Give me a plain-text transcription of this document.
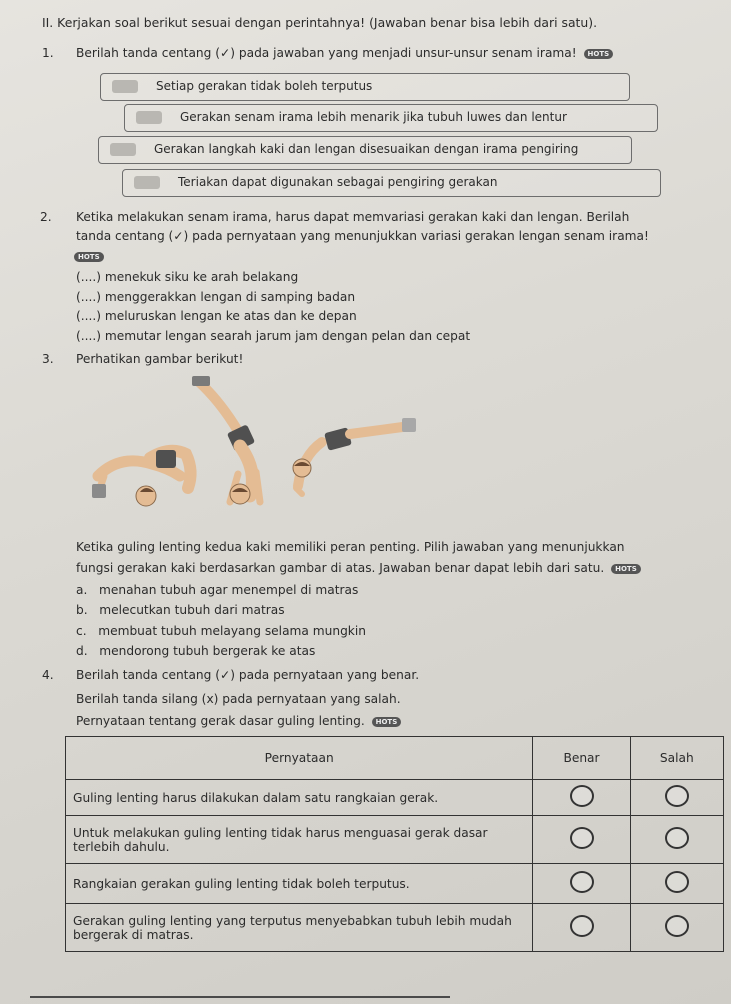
II. Kerjakan soal berikut sesuai dengan perintahnya! (Jawaban benar bisa lebih dari satu).
1. Berilah tanda centang (✓) pada jawaban yang menjadi unsur-unsur senam irama! HOTS
Setiap gerakan tidak boleh terputus
Gerakan senam irama lebih menarik jika tubuh luwes dan lentur
Gerakan langkah kaki dan lengan disesuaikan dengan irama pengiring
Teriakan dapat digunakan sebagai pengiring gerakan
2. Ketika melakukan senam irama, harus dapat memvariasi gerakan kaki dan lengan. Berilah
tanda centang (✓) pada pernyataan yang menunjukkan variasi gerakan lengan senam irama!
HOTS
(....) menekuk siku ke arah belakang
(....) menggerakkan lengan di samping badan
(....) meluruskan lengan ke atas dan ke depan
(....) memutar lengan searah jarum jam dengan pelan dan cepat
3. Perhatikan gambar berikut!
Ketika guling lenting kedua kaki memiliki peran penting. Pilih jawaban yang menunjukkan
fungsi gerakan kaki berdasarkan gambar di atas. Jawaban benar dapat lebih dari satu. HOTS
a. menahan tubuh agar menempel di matras
b. melecutkan tubuh dari matras
c. membuat tubuh melayang selama mungkin
d. mendorong tubuh bergerak ke atas
4. Berilah tanda centang (✓) pada pernyataan yang benar.
Berilah tanda silang (x) pada pernyataan yang salah.
Pernyataan tentang gerak dasar guling lenting. HOTS
Pernyataan	Benar	Salah
Guling lenting harus dilakukan dalam satu rangkaian gerak.		
Untuk melakukan guling lenting tidak harus menguasai gerak dasar terlebih dahulu.		
Rangkaian gerakan guling lenting tidak boleh terputus.		
Gerakan guling lenting yang terputus menyebabkan tubuh lebih mudah bergerak di matras.		
